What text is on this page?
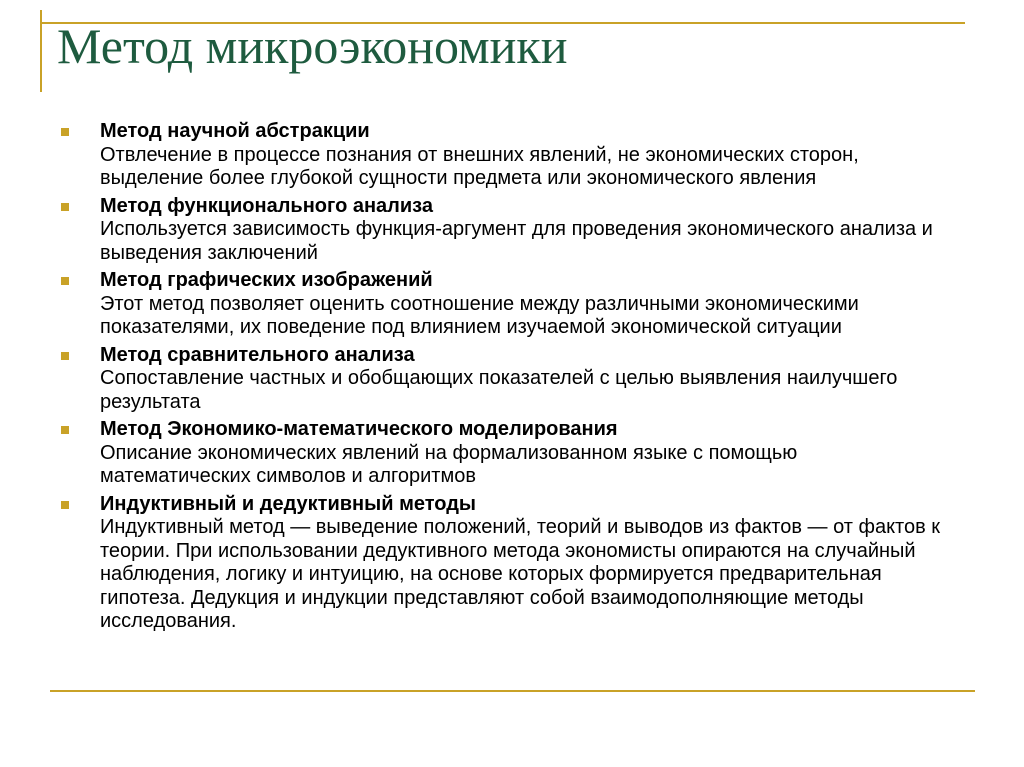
Метод микроэкономики
Метод научной абстракции
Отвлечение в процессе познания от внешних явлений, не экономических сторон, выделение более глубокой сущности предмета или экономического явления
Метод функционального анализа
Используется зависимость функция-аргумент для проведения экономического анализа и выведения заключений
Метод графических изображений
Этот метод позволяет оценить соотношение между различными экономическими показателями, их поведение под влиянием изучаемой экономической ситуации
Метод сравнительного анализа
Сопоставление частных и обобщающих показателей с целью выявления наилучшего результата
Метод Экономико-математического моделирования
Описание экономических явлений на формализованном языке с помощью математических символов и алгоритмов
Индуктивный и дедуктивный методы
Индуктивный метод — выведение положений, теорий и выводов из фактов — от фактов к теории. При использовании дедуктивного метода экономисты опираются на случайный наблюдения, логику и интуицию, на основе которых формируется предварительная гипотеза. Дедукция и индукции представляют собой взаимодополняющие методы исследования.
